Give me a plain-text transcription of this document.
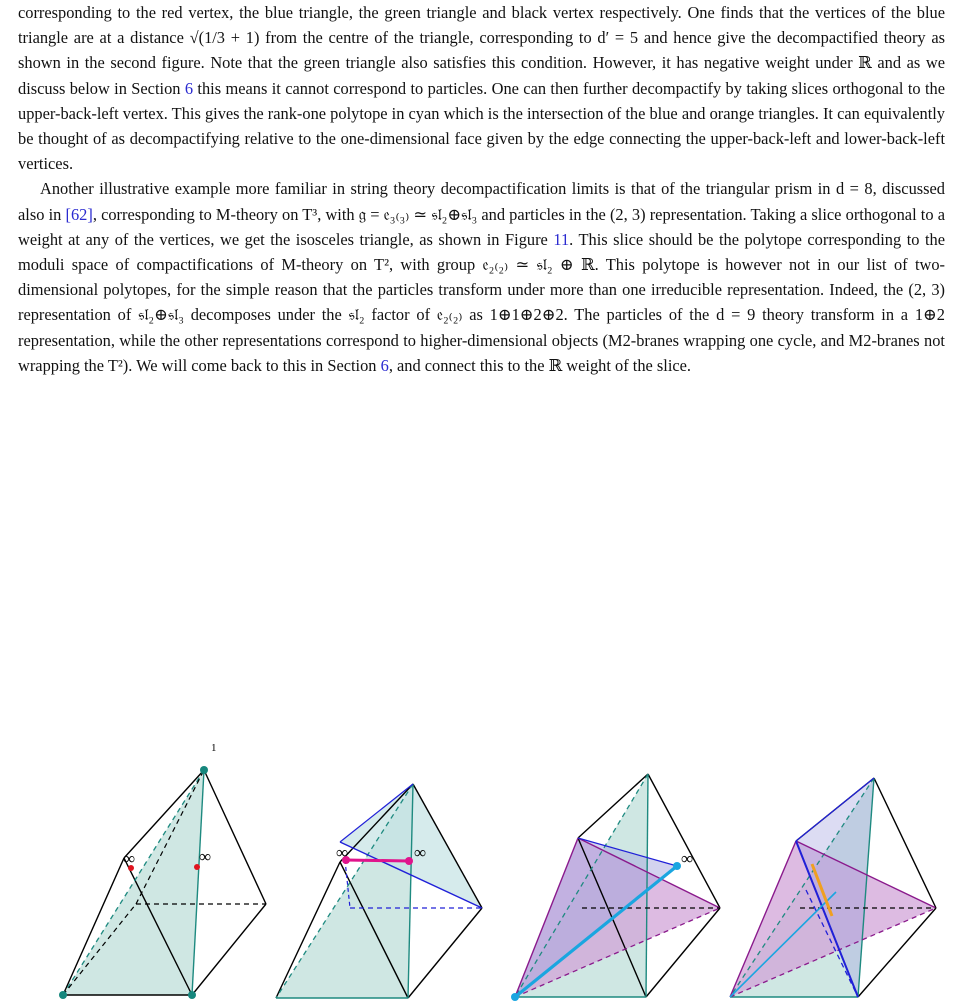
corresponding to the red vertex, the blue triangle, the green triangle and black vertex respectively. One finds that the vertices of the blue triangle are at a distance √(1/3 + 1) from the centre of the triangle, corresponding to d′ = 5 and hence give the decompactified theory as shown in the second figure. Note that the green triangle also satisfies this condition. However, it has negative weight under ℝ and as we discuss below in Section 6 this means it cannot correspond to particles. One can then further decompactify by taking slices orthogonal to the upper-back-left vertex. This gives the rank-one polytope in cyan which is the intersection of the blue and orange triangles. It can equivalently be thought of as decompactifying relative to the one-dimensional face given by the edge connecting the upper-back-left and lower-back-left vertices.

Another illustrative example more familiar in string theory decompactification limits is that of the triangular prism in d = 8, discussed also in [62], corresponding to M-theory on T³, with 𝔤 = 𝔢₃₍₃₎ ≃ 𝔰𝔩₂⊕𝔰𝔩₃ and particles in the (2, 3) representation. Taking a slice orthogonal to a weight at any of the vertices, we get the isosceles triangle, as shown in Figure 11. This slice should be the polytope corresponding to the moduli space of compactifications of M-theory on T², with group 𝔢₂₍₂₎ ≃ 𝔰𝔩₂ ⊕ ℝ. This polytope is however not in our list of two-dimensional polytopes, for the simple reason that the particles transform under more than one irreducible representation. Indeed, the (2, 3) representation of 𝔰𝔩₂⊕𝔰𝔩₃ decomposes under the 𝔰𝔩₂ factor of 𝔢₂₍₂₎ as 1⊕1⊕2⊕2. The particles of the d = 9 theory transform in a 1⊕2 representation, while the other representations correspond to higher-dimensional objects (M2-branes wrapping one cycle, and M2-branes not wrapping the T²). We will come back to this in Section 6, and connect this to the ℝ weight of the slice.

1
∞	∞	∞	∞	∞
